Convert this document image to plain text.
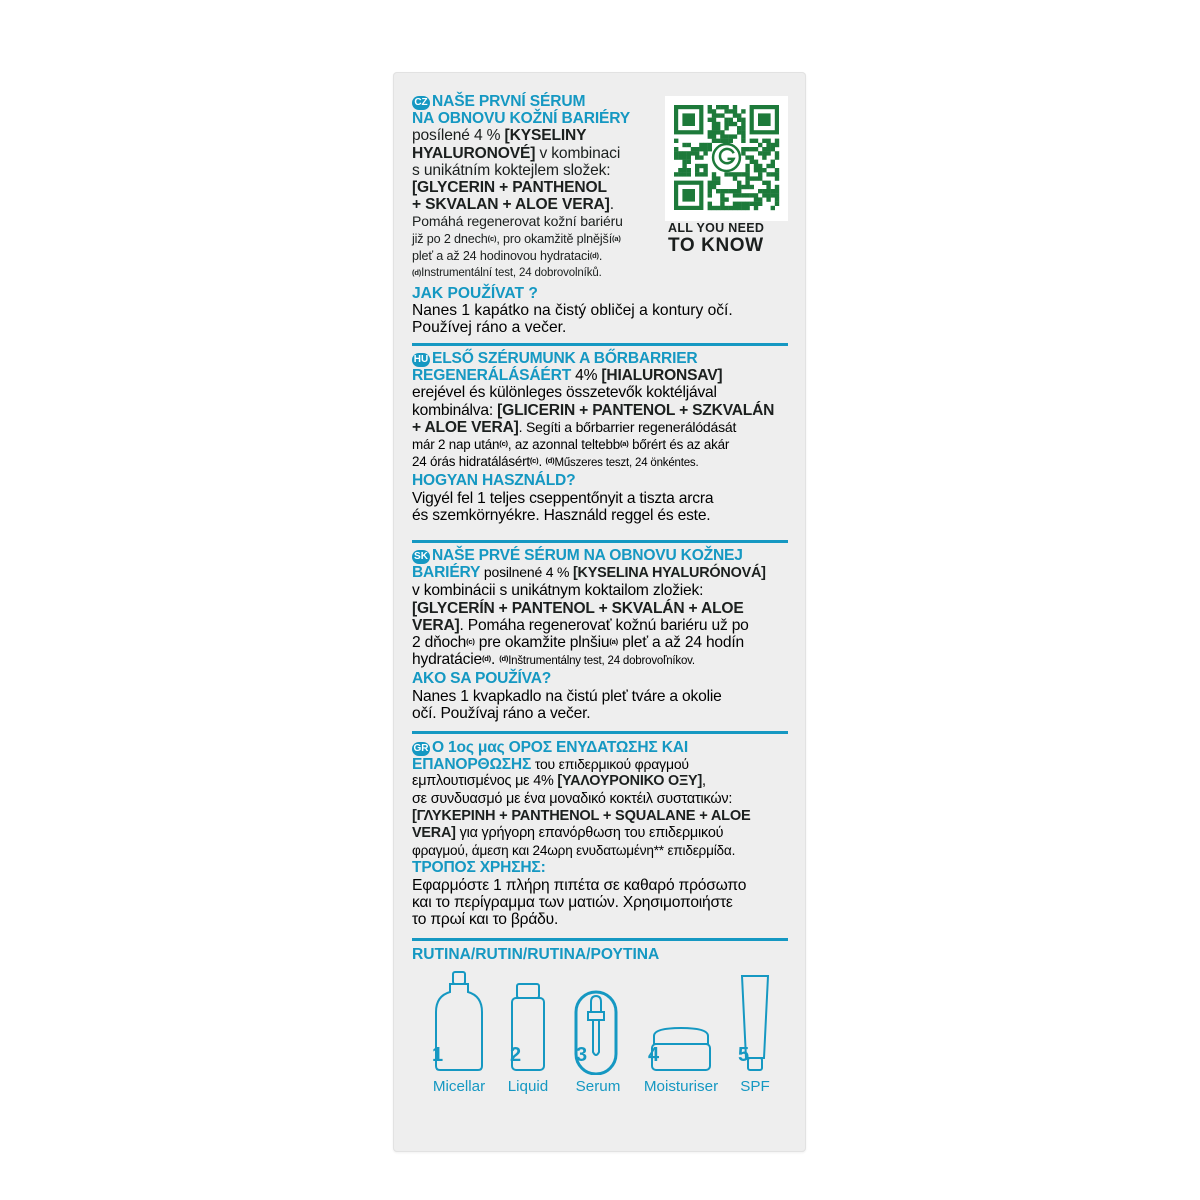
ALL YOU NEED
TO KNOW
CZ NAŠE PRVNÍ SÉRUM
NA OBNOVU KOŽNÍ BARIÉRY
posílené 4 % [KYSELINY
HYALURONOVÉ] v kombinaci
s unikátním koktejlem složek:
[GLYCERIN + PANTHENOL
+ SKVALAN + ALOE VERA].
Pomáhá regenerovat kožní bariéru
již po 2 dnech$^{(c)}$, pro okamžitě plnější$^{(a)}$
pleť a až 24 hodinovou hydrataci$^{(d)}$.
$^{(d)}$Instrumentální test, 24 dobrovolníků.
JAK POUŽÍVAT ?
Nanes 1 kapátko na čistý obličej a kontury očí.
Používej ráno a večer.
HU ELSŐ SZÉRUMUNK A BŐRBARRIER
REGENERÁLÁSÁÉRT 4% [HIALURONSAV]
erejével és különleges összetevők koktéljával
kombinálva: [GLICERIN + PANTENOL + SZKVALÁN
+ ALOE VERA]. Segíti a bőrbarrier regenerálódását
már 2 nap után$^{(c)}$, az azonnal teltebb$^{(a)}$ bőrért és az akár
24 órás hidratálásért$^{(c)}$. $^{(d)}$Műszeres teszt, 24 önkéntes.
HOGYAN HASZNÁLD?
Vigyél fel 1 teljes cseppentőnyit a tiszta arcra
és szemkörnyékre. Használd reggel és este.
SK NAŠE PRVÉ SÉRUM NA OBNOVU KOŽNEJ
BARIÉRY posilnené 4 % [KYSELINA HYALURÓNOVÁ]
v kombinácii s unikátnym koktailom zložiek:
[GLYCERÍN + PANTENOL + SKVALÁN + ALOE
VERA]. Pomáha regenerovať kožnú bariéru už po
2 dňoch$^{(c)}$ pre okamžite plnšiu$^{(a)}$ pleť a až 24 hodín
hydratácie$^{(d)}$. $^{(d)}$Inštrumentálny test, 24 dobrovoľníkov.
AKO SA POUŽÍVA?
Nanes 1 kvapkadlo na čistú pleť tváre a okolie
očí. Používaj ráno a večer.
GR Ο 1ος μας ΟΡΟΣ ΕΝΥΔΑΤΩΣΗΣ ΚΑΙ
ΕΠΑΝΟΡΘΩΣΗΣ του επιδερμικού φραγμού
εμπλουτισμένος με 4% [ΥΑΛΟΥΡΟΝΙΚΟ ΟΞΥ],
σε συνδυασμό με ένα μοναδικό κοκτέιλ συστατικών:
[ΓΛΥΚΕΡΙΝΗ + PANTHENOL + SQUALANE + ALOE
VERA] για γρήγορη επανόρθωση του επιδερμικού
φραγμού, άμεση και 24ωρη ενυδατωμένη** επιδερμίδα.
ΤΡΟΠΟΣ ΧΡΗΣΗΣ:
Εφαρμόστε 1 πλήρη πιπέτα σε καθαρό πρόσωπο
και το περίγραμμα των ματιών. Χρησιμοποιήστε
το πρωί και το βράδυ.
RUTINA/RUTIN/RUTINA/ΡΟΥΤΙΝΑ
1
Micellar
2
Liquid
3
Serum
4
Moisturiser
5
SPF
